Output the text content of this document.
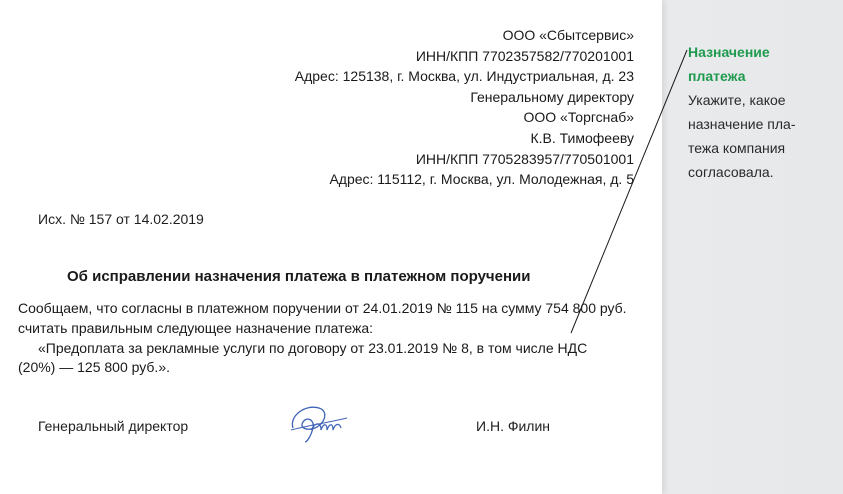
ООО «Сбытсервис»
ИНН/КПП 7702357582/770201001
Адрес: 125138, г. Москва, ул. Индустриальная, д. 23
Генеральному директору
ООО «Торгснаб»
К.В. Тимофееву
ИНН/КПП 7705283957/770501001
Адрес: 115112, г. Москва, ул. Молодежная, д. 5
Исх. № 157 от 14.02.2019
Об исправлении назначения платежа в платежном поручении
Сообщаем, что согласны в платежном поручении от 24.01.2019 № 115 на сумму 754 800 руб.
считать правильным следующее назначение платежа:
«Предоплата за рекламные услуги по договору от 23.01.2019 № 8, в том числе НДС
(20%) — 125 800 руб.».
Генеральный директор	И.Н. Филин
Назначение
платежа
Укажите, какое
назначение пла-
тежа компания
согласовала.
